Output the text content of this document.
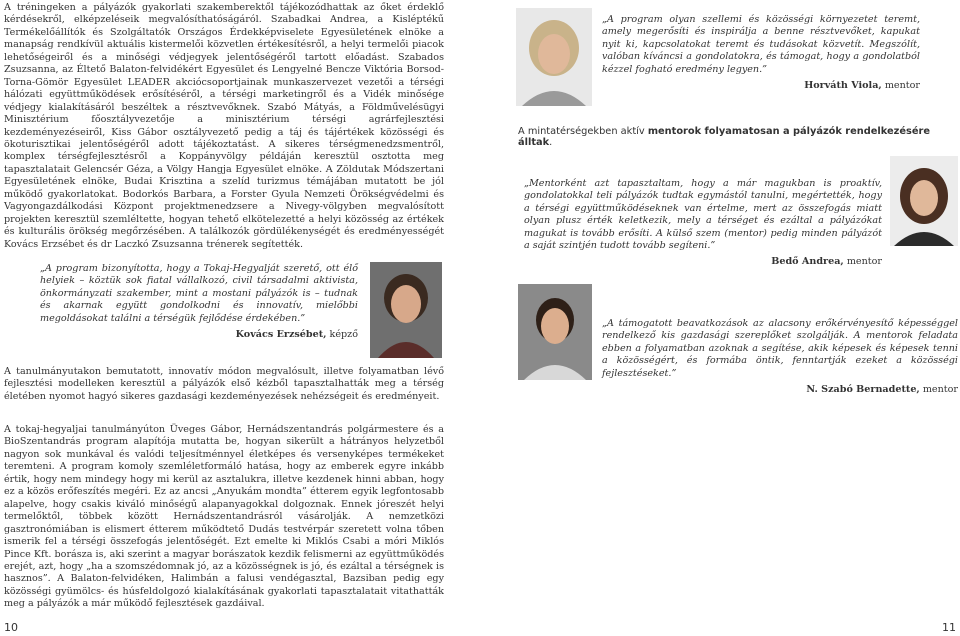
A tréningeken a pályázók gyakorlati szakemberektől tájékozódhattak az őket érdeklő kérdésekről, elképzeléseik megvalósíthatóságáról. Szabadkai Andrea, a Kisléptékű Termékelőállítók és Szolgáltatók Országos Érdekképviselete Egyesületének elnöke a manapság rendkívül aktuális kistermelői közvetlen értékesítésről, a helyi termelői piacok lehetőségeiről és a minőségi védjegyek jelentőségéről tartott előadást. Szabados Zsuzsanna, az Éltető Balaton-felvidékért Egyesület és Lengyelné Bencze Viktória Borsod-Torna-Gömör Egyesület LEADER akciócsoportjainak munkaszervezet vezetői a térségi hálózati együttműködések erősítéséről, a térségi marketingről és a Vidék minősége védjegy kialakításáról beszéltek a résztvevőknek. Szabó Mátyás, a Földművelésügyi Minisztérium főosztályvezetője a minisztérium térségi agrárfejlesztési kezdeményezéseiről, Kiss Gábor osztályvezető pedig a táj és tájértékek közösségi és ökoturisztikai jelentőségéről adott tájékoztatást. A sikeres térségmenedzsmentről, komplex térségfejlesztésről a Koppányvölgy példáján keresztül osztotta meg tapasztalatait Gelencsér Géza, a Völgy Hangja Egyesület elnöke. A Zöldutak Módszertani Egyesületének elnöke, Budai Krisztina a szelíd turizmus témájában mutatott be jól működő gyakorlatokat. Bodorkós Barbara, a Forster Gyula Nemzeti Örökségvédelmi és Vagyongazdálkodási Központ projektmenedzsere a Nivegy-völgyben megvalósított projekten keresztül szemléltette, hogyan tehető elkötelezetté a helyi közösség az értékek és kulturális örökség megőrzésében. A találkozók gördülékenységét és eredményességét Kovács Erzsébet és dr Laczkó Zsuzsanna trénerek segítették.

„A program bizonyította, hogy a Tokaj-Hegyalját szerető, ott élő helyiek – köztük sok fiatal vállalkozó, civil társadalmi aktivista, önkormányzati szakember, mint a mostani pályázók is – tudnak és akarnak együtt gondolkodni és innovatív, mielőbbi megoldásokat találni a térségük fejlődése érdekében.”

Kovács Erzsébet, képző

A tanulmányutakon bemutatott, innovatív módon megvalósult, illetve folyamatban lévő fejlesztési modelleken keresztül a pályázók első kézből tapasztalhatták meg a térség életében nyomot hagyó sikeres gazdasági kezdeményezések nehézségeit és eredményeit.

A tokaj-hegyaljai tanulmányúton Üveges Gábor, Hernádszentandrás polgármestere és a BioSzentandrás program alapítója mutatta be, hogyan sikerült a hátrányos helyzetből nagyon sok munkával és valódi teljesítménnyel életképes és versenyképes termékeket teremteni. A program komoly szemléletformáló hatása, hogy az emberek egyre inkább értik, hogy nem mindegy hogy mi kerül az asztalukra, illetve kezdenek hinni abban, hogy ez a közös erőfeszítés megéri. Ez az ancsi „Anyukám mondta” étterem egyik legfontosabb alapelve, hogy csakis kiváló minőségű alapanyagokkal dolgoznak. Ennek jóreszét helyi termelőktől, többek között Hernádszentandrásról vásárolják. A nemzetközi gasztronómiában is elismert étterem működtető Dudás testvérpár szeretett volna tőben ismerik fel a térségi összefogás jelentőségét. Ezt emelte ki Miklós Csabi a móri Miklós Pince Kft. borásza is, aki szerint a magyar borászatok kezdik felismerni az együttműködés erejét, azt, hogy „ha a szomszédomnak jó, az a közösségnek is jó, és ezáltal a térségnek is hasznos”. A Balaton-felvidéken, Halimbán a falusi vendégasztal, Bazsiban pedig egy közösségi gyümölcs- és húsfeldolgozó kialakításának gyakorlati tapasztalatait vitathatták meg a pályázók a már működő fejlesztések gazdáival.

10

„A program olyan szellemi és közösségi környezetet teremt, amely megerősíti és inspirálja a benne résztvevőket, kapukat nyit ki, kapcsolatokat teremt és tudásokat közvetít. Megszólít, valóban kíváncsi a gondolatokra, és támogat, hogy a gondolatból kézzel fogható eredmény legyen.”

Horváth Viola, mentor

A mintatérségekben aktív mentorok folyamatosan a pályázók rendelkezésére álltak.

„Mentorként azt tapasztaltam, hogy a már magukban is proaktív, gondolatokkal teli pályázók tudtak egymástól tanulni, megértették, hogy a térségi együttműködéseknek van értelme, mert az összefogás miatt olyan plusz érték keletkezik, mely a térséget és ezáltal a pályázókat magukat is tovább erősíti. A külső szem (mentor) pedig minden pályázót a saját szintjén tudott tovább segíteni.”

Bedő Andrea, mentor

„A támogatott beavatkozások az alacsony erőkérvényesítő képességgel rendelkező kis gazdasági szereplőket szolgálják. A mentorok feladata ebben a folyamatban azoknak a segítése, akik képesek és képesek tenni a közösségért, és formába öntik, fenntartják ezeket a közösségi fejlesztéseket.”

N. Szabó Bernadette, mentor

11
